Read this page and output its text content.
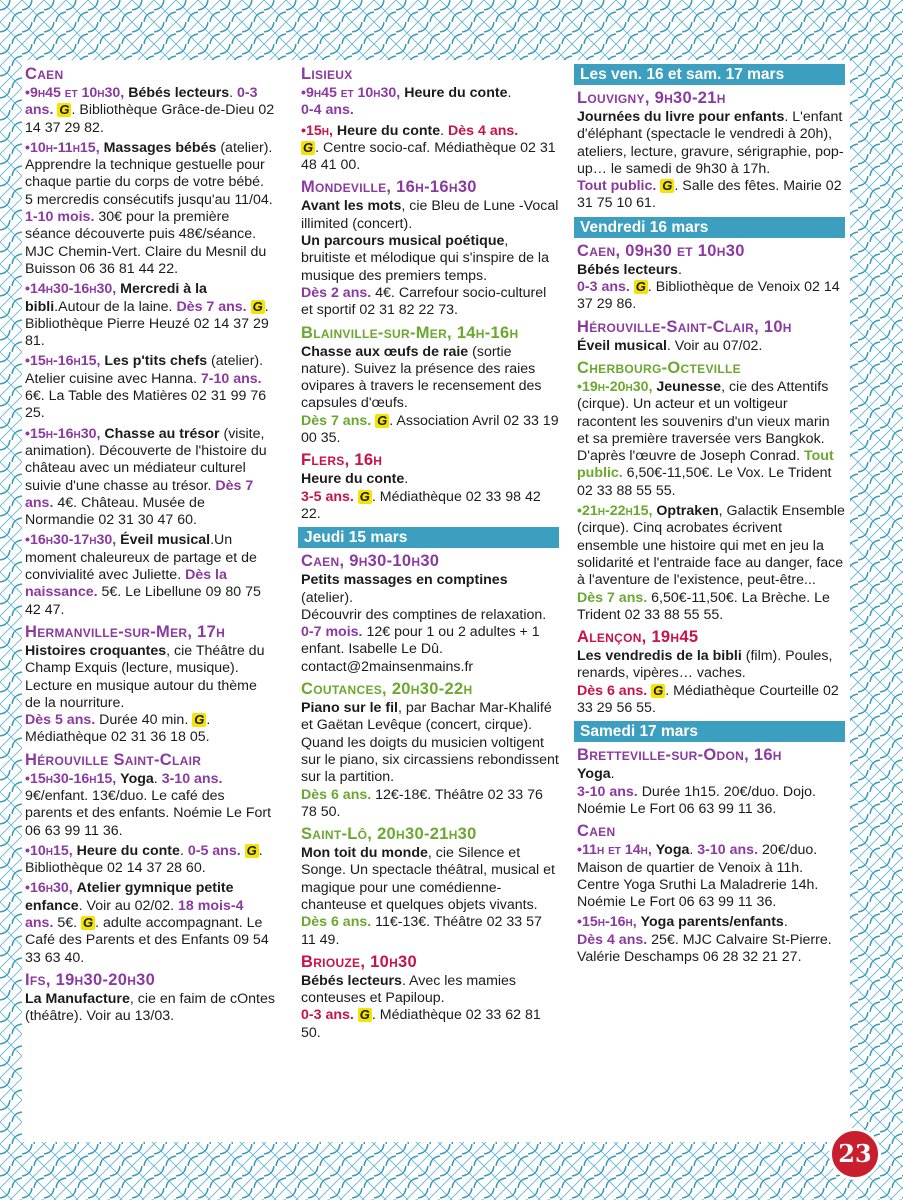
Caen

•9h45 et 10h30, Bébés lecteurs. 0-3 ans. G . Bibliothèque Grâce-de-Dieu 02 14 37 29 82.

•10h-11h15, Massages bébés (atelier). Apprendre la technique gestuelle pour chaque partie du corps de votre bébé. 5 mercredis consécutifs jusqu'au 11/04. 1-10 mois. 30€ pour la première séance découverte puis 48€/séance. MJC Chemin-Vert. Claire du Mesnil du Buisson 06 36 81 44 22.

•14h30-16h30, Mercredi à la bibli.Autour de la laine. Dès 7 ans. G . Bibliothèque Pierre Heuzé 02 14 37 29 81.

•15h-16h15, Les p'tits chefs (atelier). Atelier cuisine avec Hanna. 7-10 ans. 6€. La Table des Matières 02 31 99 76 25.

•15h-16h30, Chasse au trésor (visite, animation). Découverte de l'histoire du château avec un médiateur culturel suivie d'une chasse au trésor. Dès 7 ans. 4€. Château. Musée de Normandie 02 31 30 47 60.

•16h30-17h30, Éveil musical.Un moment chaleureux de partage et de convivialité avec Juliette. Dès la naissance. 5€. Le Libellune 09 80 75 42 47.

Hermanville-sur-Mer, 17h

Histoires croquantes, cie Théâtre du Champ Exquis (lecture, musique). Lecture en musique autour du thème de la nourriture.
Dès 5 ans. Durée 40 min. G . Médiathèque 02 31 36 18 05.

Hérouville Saint-Clair

•15h30-16h15, Yoga. 3-10 ans. 9€/enfant. 13€/duo. Le café des parents et des enfants. Noémie Le Fort 06 63 99 11 36.

•10h15, Heure du conte. 0-5 ans. G . Bibliothèque 02 14 37 28 60.

•16h30, Atelier gymnique petite enfance. Voir au 02/02. 18 mois-4 ans. 5€. G . adulte accompagnant. Le Café des Parents et des Enfants 09 54 33 63 40.

Ifs, 19h30-20h30

La Manufacture, cie en faim de cOntes (théâtre). Voir au 13/03.

Lisieux

•9h45 et 10h30, Heure du conte.
0-4 ans.

•15h, Heure du conte. Dès 4 ans.
G . Centre socio-caf. Médiathèque 02 31 48 41 00.

Mondeville, 16h-16h30

Avant les mots, cie Bleu de Lune -Vocal illimited (concert).
Un parcours musical poétique, bruitiste et mélodique qui s'inspire de la musique des premiers temps.
Dès 2 ans. 4€. Carrefour socio-culturel et sportif 02 31 82 22 73.

Blainville-sur-Mer, 14h-16h

Chasse aux œufs de raie (sortie nature). Suivez la présence des raies ovipares à travers le recensement des capsules d'œufs.
Dès 7 ans. G . Association Avril 02 33 19 00 35.

Flers, 16h

Heure du conte.
3-5 ans. G . Médiathèque 02 33 98 42 22.

Jeudi 15 mars

Caen, 9h30-10h30

Petits massages en comptines (atelier).
Découvrir des comptines de relaxation.
0-7 mois. 12€ pour 1 ou 2 adultes + 1 enfant. Isabelle Le Dû. contact@2mainsenmains.fr

Coutances, 20h30-22h

Piano sur le fil, par Bachar Mar-Khalifé et Gaëtan Levêque (concert, cirque). Quand les doigts du musicien voltigent sur le piano, six circassiens rebondissent sur la partition.
Dès 6 ans. 12€-18€. Théâtre 02 33 76 78 50.

Saint-Lô, 20h30-21h30

Mon toit du monde, cie Silence et Songe. Un spectacle théâtral, musical et magique pour une comédienne-chanteuse et quelques objets vivants.
Dès 6 ans. 11€-13€. Théâtre 02 33 57 11 49.

Briouze, 10h30

Bébés lecteurs. Avec les mamies conteuses et Papiloup.
0-3 ans. G . Médiathèque 02 33 62 81 50.

Les ven. 16 et sam. 17 mars

Louvigny, 9h30-21h

Journées du livre pour enfants. L'enfant d'éléphant (spectacle le vendredi à 20h), ateliers, lecture, gravure, sérigraphie, pop-up… le samedi de 9h30 à 17h.
Tout public. G . Salle des fêtes. Mairie 02 31 75 10 61.

Vendredi 16 mars

Caen, 09h30 et 10h30

Bébés lecteurs.
0-3 ans. G . Bibliothèque de Venoix 02 14 37 29 86.

Hérouville-Saint-Clair, 10h

Éveil musical. Voir au 07/02.

Cherbourg-Octeville

•19h-20h30, Jeunesse, cie des Attentifs (cirque). Un acteur et un voltigeur racontent les souvenirs d'un vieux marin et sa première traversée vers Bangkok. D'après l'œuvre de Joseph Conrad. Tout public. 6,50€-11,50€. Le Vox. Le Trident 02 33 88 55 55.

•21h-22h15, Optraken, Galactik Ensemble (cirque). Cinq acrobates écrivent ensemble une histoire qui met en jeu la solidarité et l'entraide face au danger, face à l'aventure de l'existence, peut-être... Dès 7 ans. 6,50€-11,50€. La Brèche. Le Trident 02 33 88 55 55.

Alençon, 19h45

Les vendredis de la bibli (film). Poules, renards, vipères… vaches.
Dès 6 ans. G . Médiathèque Courteille 02 33 29 56 55.

Samedi 17 mars

Bretteville-sur-Odon, 16h

Yoga.
3-10 ans. Durée 1h15. 20€/duo. Dojo. Noémie Le Fort 06 63 99 11 36.

Caen

•11h et 14h, Yoga. 3-10 ans. 20€/duo. Maison de quartier de Venoix à 11h. Centre Yoga Sruthi La Maladrerie 14h. Noémie Le Fort 06 63 99 11 36.

•15h-16h, Yoga parents/enfants.
Dès 4 ans. 25€. MJC Calvaire St-Pierre. Valérie Deschamps 06 28 32 21 27.

23
